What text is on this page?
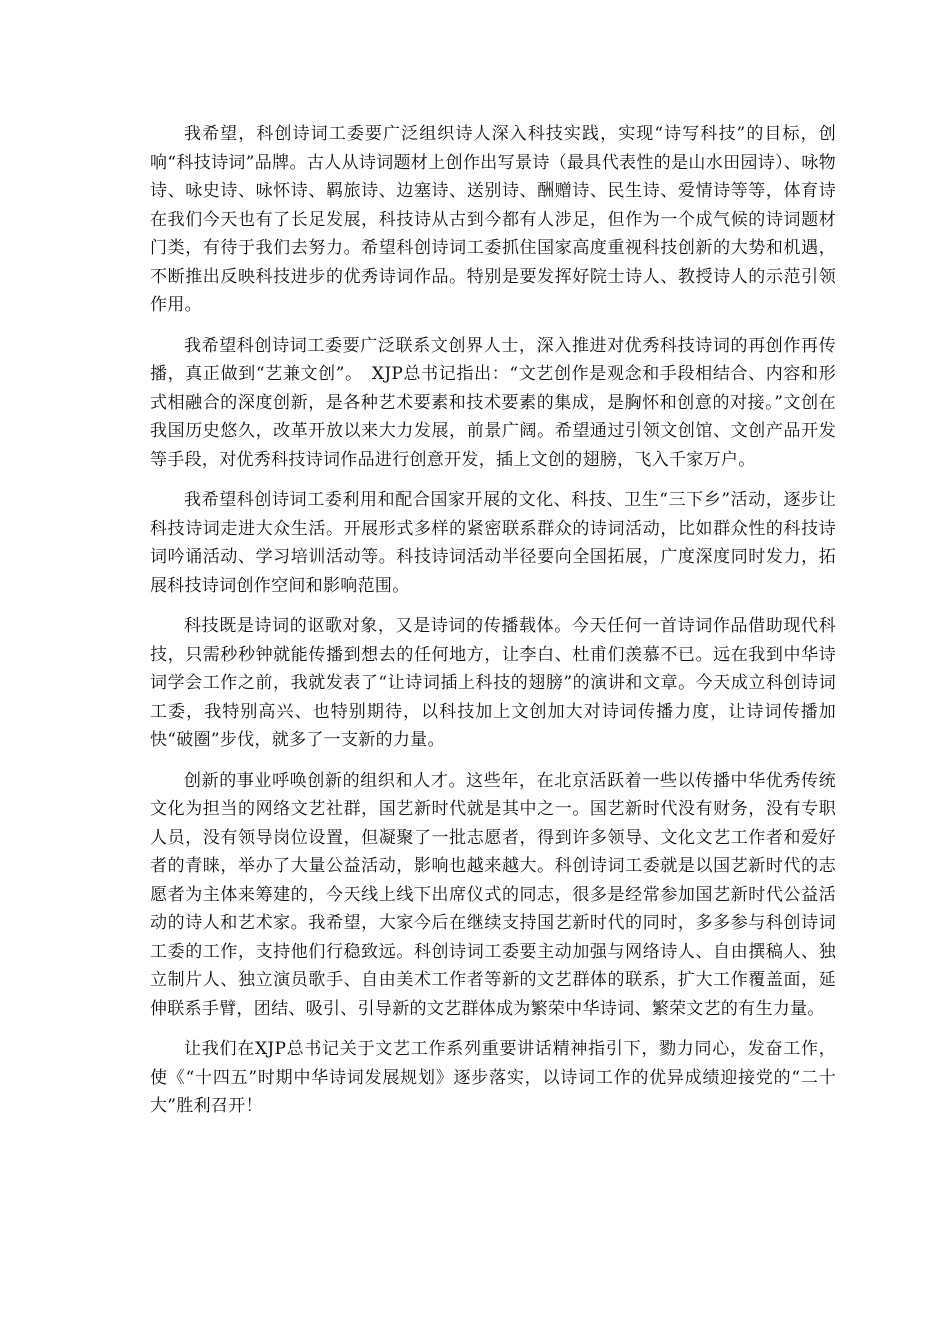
我希望，科创诗词工委要广泛组织诗人深入科技实践，实现“诗写科技”的目标，创响“科技诗词”品牌。古人从诗词题材上创作出写景诗（最具代表性的是山水田园诗）、咏物诗、咏史诗、咏怀诗、羁旅诗、边塞诗、送别诗、酬赠诗、民生诗、爱情诗等等，体育诗在我们今天也有了长足发展，科技诗从古到今都有人涉足，但作为一个成气候的诗词题材门类，有待于我们去努力。希望科创诗词工委抓住国家高度重视科技创新的大势和机遇，不断推出反映科技进步的优秀诗词作品。特别是要发挥好院士诗人、教授诗人的示范引领作用。

我希望科创诗词工委要广泛联系文创界人士，深入推进对优秀科技诗词的再创作再传播，真正做到“艺兼文创”。　XJP总书记指出：“文艺创作是观念和手段相结合、内容和形式相融合的深度创新，是各种艺术要素和技术要素的集成，是胸怀和创意的对接。”文创在我国历史悠久，改革开放以来大力发展，前景广阔。希望通过引领文创馆、文创产品开发等手段，对优秀科技诗词作品进行创意开发，插上文创的翅膀，飞入千家万户。

我希望科创诗词工委利用和配合国家开展的文化、科技、卫生“三下乡”活动，逐步让科技诗词走进大众生活。开展形式多样的紧密联系群众的诗词活动，比如群众性的科技诗词吟诵活动、学习培训活动等。科技诗词活动半径要向全国拓展，广度深度同时发力，拓展科技诗词创作空间和影响范围。

科技既是诗词的讴歌对象，又是诗词的传播载体。今天任何一首诗词作品借助现代科技，只需秒秒钟就能传播到想去的任何地方，让李白、杜甫们羡慕不已。远在我到中华诗词学会工作之前，我就发表了“让诗词插上科技的翅膀”的演讲和文章。今天成立科创诗词工委，我特别高兴、也特别期待，以科技加上文创加大对诗词传播力度，让诗词传播加快“破圈”步伐，就多了一支新的力量。

创新的事业呼唤创新的组织和人才。这些年，在北京活跃着一些以传播中华优秀传统文化为担当的网络文艺社群，国艺新时代就是其中之一。国艺新时代没有财务，没有专职人员，没有领导岗位设置，但凝聚了一批志愿者，得到许多领导、文化文艺工作者和爱好者的青睐，举办了大量公益活动，影响也越来越大。科创诗词工委就是以国艺新时代的志愿者为主体来筹建的，今天线上线下出席仪式的同志，很多是经常参加国艺新时代公益活动的诗人和艺术家。我希望，大家今后在继续支持国艺新时代的同时，多多参与科创诗词工委的工作，支持他们行稳致远。科创诗词工委要主动加强与网络诗人、自由撰稿人、独立制片人、独立演员歌手、自由美术工作者等新的文艺群体的联系，扩大工作覆盖面，延伸联系手臂，团结、吸引、引导新的文艺群体成为繁荣中华诗词、繁荣文艺的有生力量。

让我们在XJP总书记关于文艺工作系列重要讲话精神指引下，勠力同心，发奋工作，使《“十四五”时期中华诗词发展规划》逐步落实，以诗词工作的优异成绩迎接党的“二十大”胜利召开！
